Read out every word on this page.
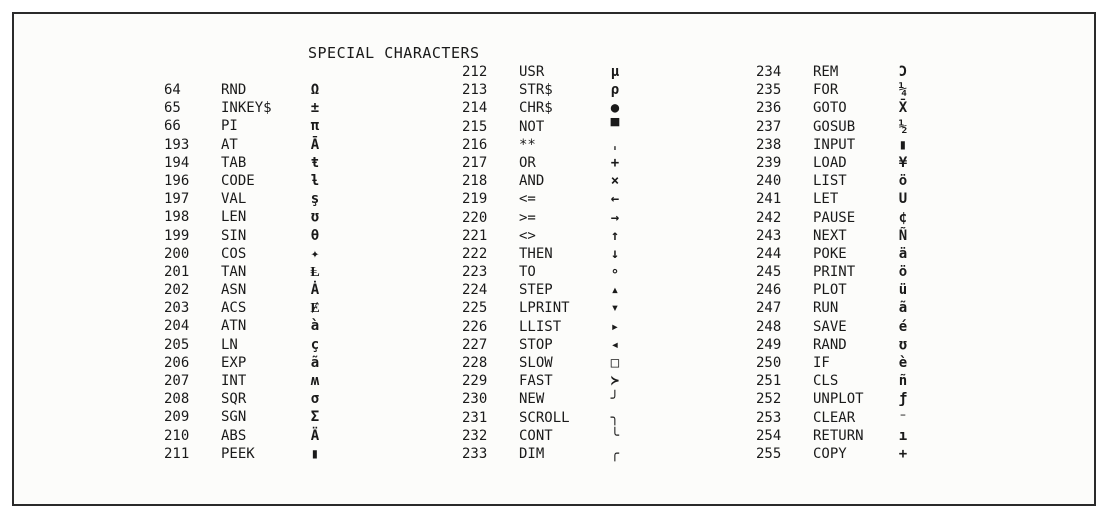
SPECIAL CHARACTERS
64	RND	Ω
65	INKEY$	±
66	PI	π
193	AT	Ā
194	TAB	ŧ
196	CODE	ƚ
197	VAL	ş
198	LEN	ʊ
199	SIN	θ
200	COS	✦
201	TAN	Ⱡ
202	ASN	Ȧ
203	ACS	Ɇ
204	ATN	à
205	LN	ç
206	EXP	ã
207	INT	ʍ
208	SQR	σ
209	SGN	Σ
210	ABS	Ä
211	PEEK	▮
212	USR	µ
213	STR$	ρ
214	CHR$	●
215	NOT	▀
216	**	ˌ
217	OR	+
218	AND	×
219	<=	←
220	>=	→
221	<>	↑
222	THEN	↓
223	TO	∘
224	STEP	▴
225	LPRINT	▾
226	LLIST	▸
227	STOP	◂
228	SLOW	□
229	FAST	≻
230	NEW	╯
231	SCROLL	╮
232	CONT	╰
233	DIM	╭
234	REM	Ɔ
235	FOR	¼
236	GOTO	X̄
237	GOSUB	½
238	INPUT	▮
239	LOAD	¥
240	LIST	ö
241	LET	U
242	PAUSE	¢
243	NEXT	Ñ
244	POKE	ä
245	PRINT	ö
246	PLOT	ü
247	RUN	ã
248	SAVE	é
249	RAND	ʊ
250	IF	è
251	CLS	ñ
252	UNPLOT	ƒ
253	CLEAR	⁻
254	RETURN	ı
255	COPY	+
